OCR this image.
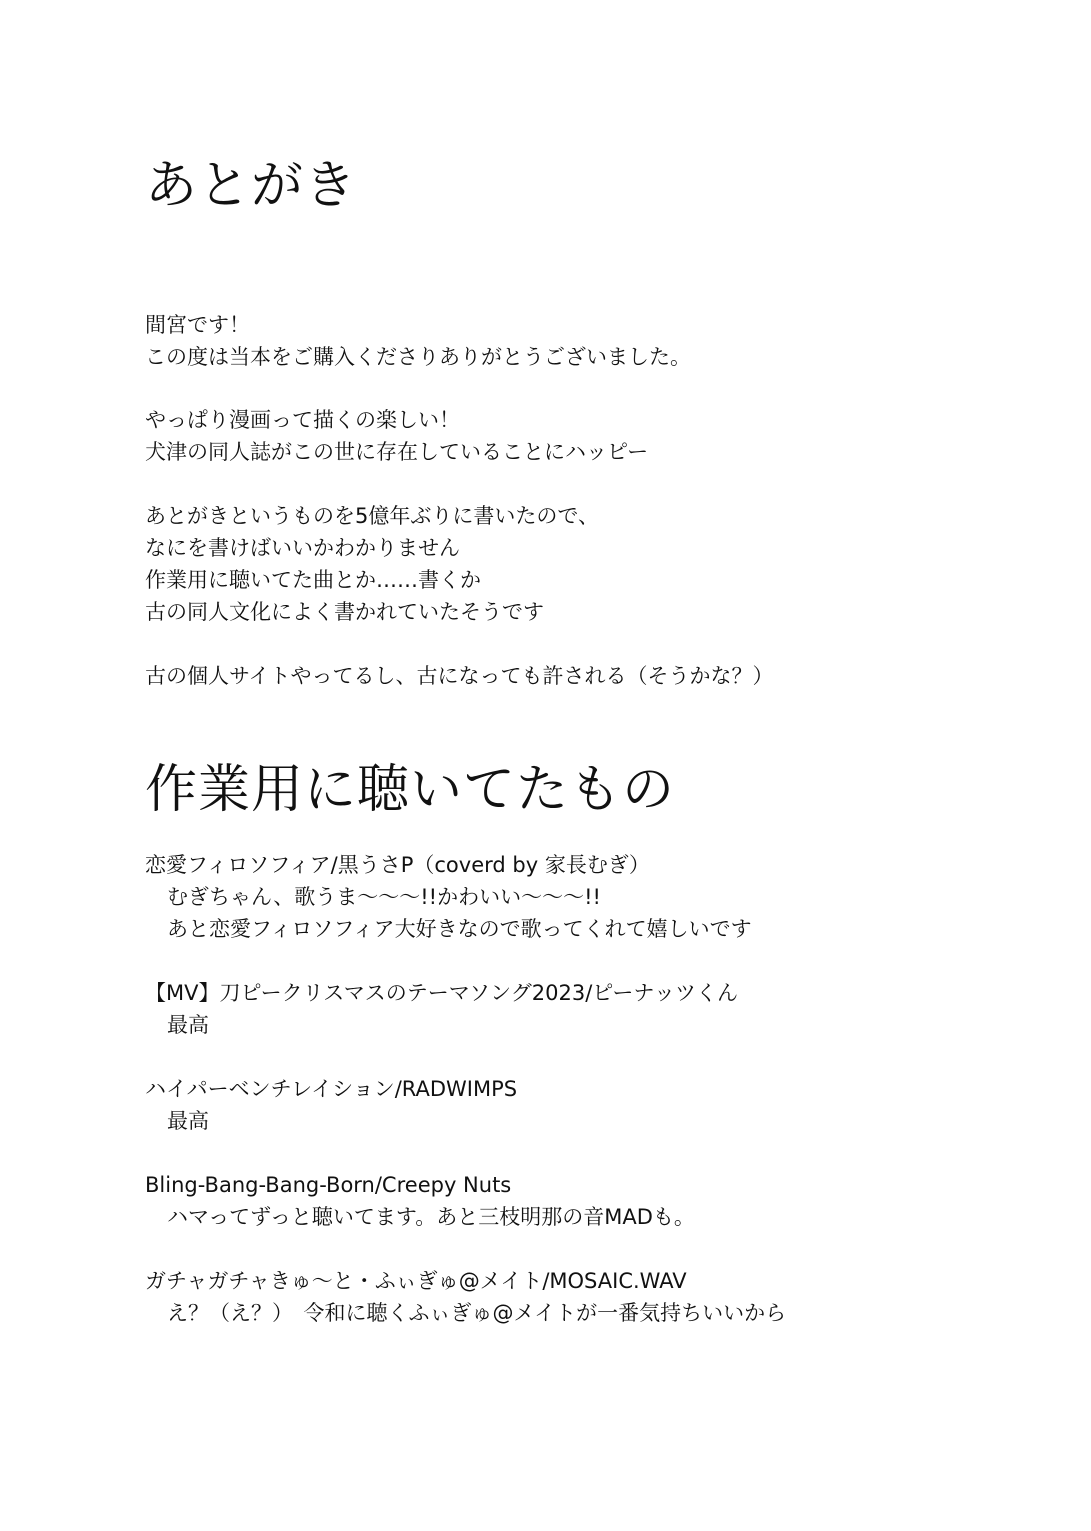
あとがき

間宮です！

この度は当本をご購入くださりありがとうございました。

やっぱり漫画って描くの楽しい！

犬津の同人誌がこの世に存在していることにハッピー

あとがきというものを5億年ぶりに書いたので、

なにを書けばいいかわかりません

作業用に聴いてた曲とか……書くか

古の同人文化によく書かれていたそうです

古の個人サイトやってるし、古になっても許される（そうかな？）

作業用に聴いてたもの

恋愛フィロソフィア/黒うさP（coverd by 家長むぎ）

むぎちゃん、歌うま〜〜〜!!かわいい〜〜〜!!

あと恋愛フィロソフィア大好きなので歌ってくれて嬉しいです

【MV】刀ピークリスマスのテーマソング2023/ピーナッツくん

最高

ハイパーベンチレイション/RADWIMPS

最高

Bling-Bang-Bang-Born/Creepy Nuts

ハマってずっと聴いてます。あと三枝明那の音MADも。

ガチャガチャきゅ〜と・ふぃぎゅ@メイト/MOSAIC.WAV

え？（え？）　令和に聴くふぃぎゅ@メイトが一番気持ちいいから
